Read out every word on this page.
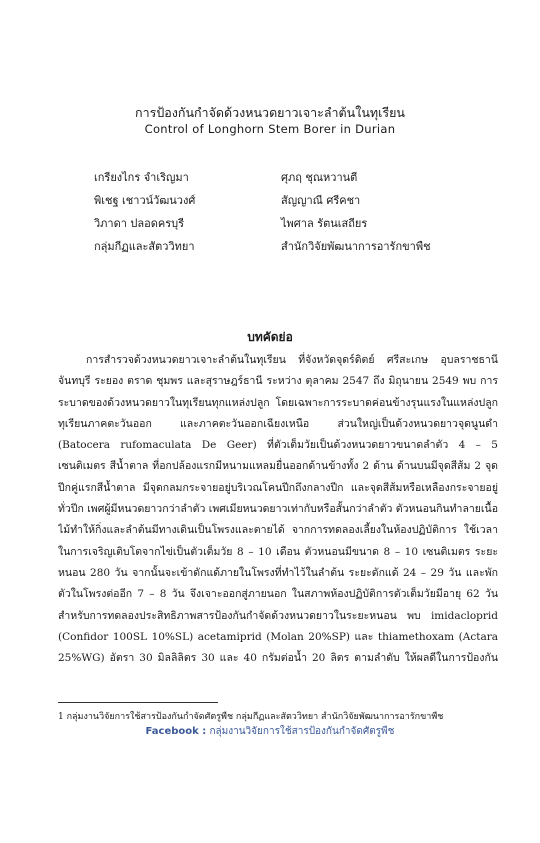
การป้องกันกำจัดด้วงหนวดยาวเจาะลำต้นในทุเรียน
Control of Longhorn Stem Borer in Durian
เกรียงไกร จำเริญมา	ศุภฤ ชุณหวานตี
พิเชฐ เชาวน์วัฒนวงศ์	สัญญาณี ศรีคชา
วิภาดา ปลอดครบุรี	ไพศาล รัตนเสถียร
กลุ่มกีฏและสัตววิทยา	สำนักวิจัยพัฒนาการอารักขาพืช
บทคัดย่อ

การสำรวจด้วงหนวดยาวเจาะลำต้นในทุเรียน ที่จังหวัดจุดร์ดิตย์ ศรีสะเกษ อุบลราชธานี จันทบุรี ระยอง ตราด ชุมพร และสุราษฎร์ธานี ระหว่าง ตุลาคม 2547 ถึง มิถุนายน 2549 พบ การระบาดของด้วงหนวดยาวในทุเรียนทุกแหล่งปลูก โดยเฉพาะการระบาดค่อนข้างรุนแรงในแหล่งปลูกทุเรียนภาคตะวันออก และภาคตะวันออกเฉียงเหนือ ส่วนใหญ่เป็นด้วงหนวดยาวจุดนูนดำ (Batocera rufomaculata De Geer) ที่ตัวเต็มวัยเป็นด้วงหนวดยาวขนาดลำตัว 4 – 5 เซนติเมตร สีน้ำตาล ที่อกปล้องแรกมีหนามแหลมยื่นออกด้านข้างทั้ง 2 ด้าน ด้านบนมีจุดสีส้ม 2 จุด ปีกคู่แรกสีน้ำตาล มีจุดกลมกระจายอยู่บริเวณโคนปีกถึงกลางปีก และจุดสีส้มหรือเหลืองกระจายอยู่ทั่วปีก เพศผู้มีหนวดยาวกว่าลำตัว เพศเมียหนวดยาวเท่ากับหรือสั้นกว่าลำตัว ตัวหนอนกินทำลายเนื้อไม้ทำให้กิ่งและลำต้นมีทางเดินเป็นโพรงและตายได้ จากการทดลองเลี้ยงในห้องปฏิบัติการ ใช้เวลาในการเจริญเติบโตจากไข่เป็นตัวเต็มวัย 8 – 10 เดือน ตัวหนอนมีขนาด 8 – 10 เซนติเมตร ระยะหนอน 280 วัน จากนั้นจะเข้าดักแด้ภายในโพรงที่ทำไว้ในลำต้น ระยะดักแด้ 24 – 29 วัน และพักตัวในโพรงต่ออีก 7 – 8 วัน จึงเจาะออกสู่ภายนอก ในสภาพห้องปฏิบัติการตัวเต็มวัยมีอายุ 62 วัน สำหรับการทดลองประสิทธิภาพสารป้องกันกำจัดด้วงหนวดยาวในระยะหนอน พบ imidacloprid (Confidor 100SL 10%SL) acetamiprid (Molan 20%SP) และ thiamethoxam (Actara 25%WG) อัตรา 30 มิลลิลิตร 30 และ 40 กรัมต่อน้ำ 20 ลิตร ตามลำดับ ให้ผลดีในการป้องกัน

1 กลุ่มงานวิจัยการใช้สารป้องกันกำจัดศัตรูพืช กลุ่มกีฏและสัตววิทยา สำนักวิจัยพัฒนาการอารักขาพืช
Facebook : กลุ่มงานวิจัยการใช้สารป้องกันกำจัดศัตรูพืช
